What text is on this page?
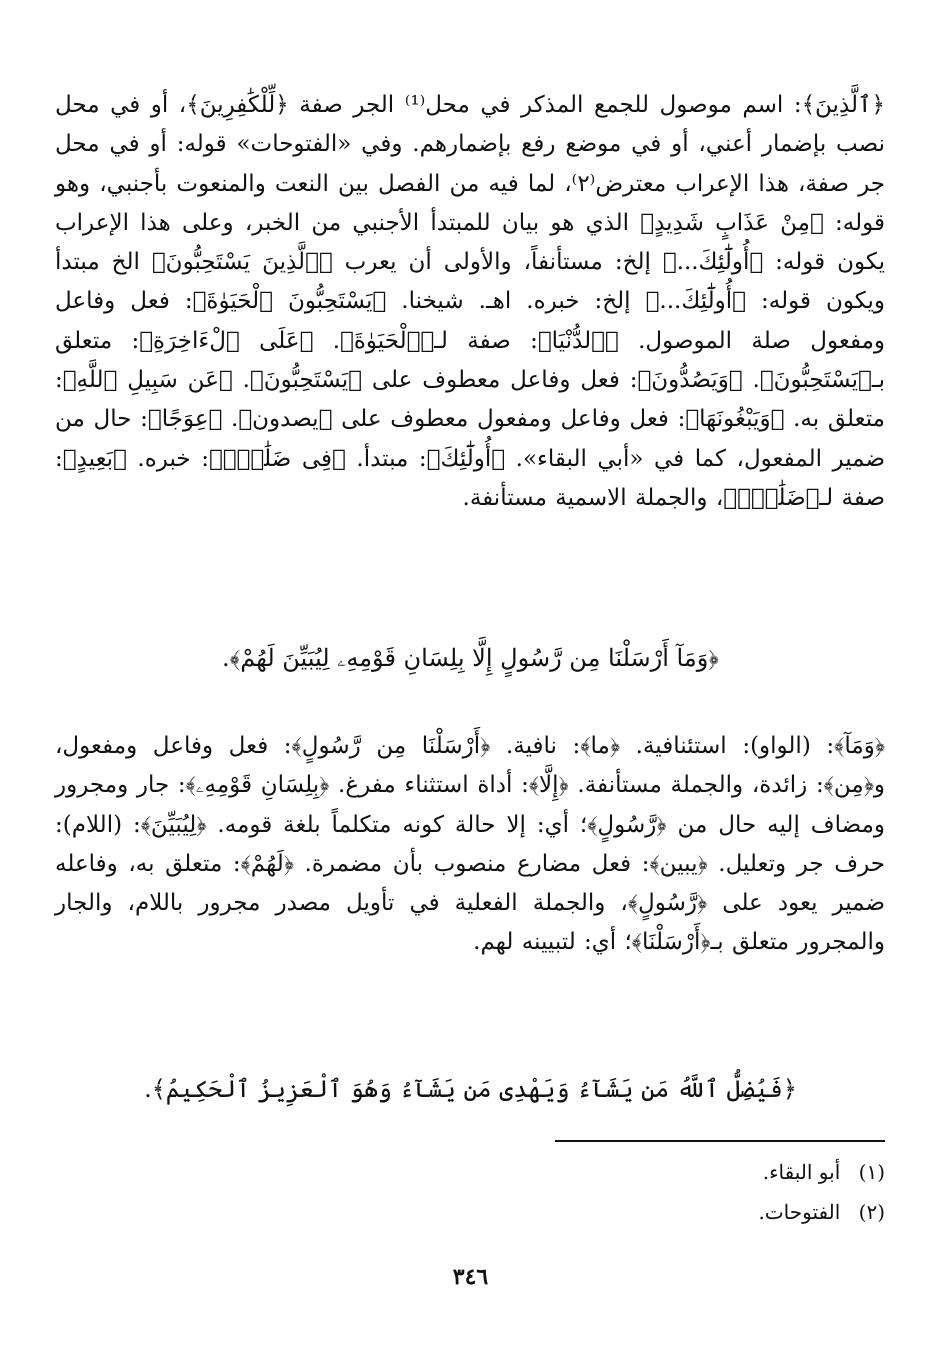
﴿ٱلَّذِينَ﴾: اسم موصول للجمع المذكر في محل⁽¹⁾ الجر صفة ﴿لِّلْكَٰفِرِينَ﴾، أو في محل نصب بإضمار أعني، أو في موضع رفع بإضمارهم. وفي «الفتوحات» قوله: أو في محل جر صفة، هذا الإعراب معترض⁽٢⁾، لما فيه من الفصل بين النعت والمنعوت بأجنبي، وهو قوله: ﴿مِنْ عَذَابٍ شَدِيدٍ﴾ الذي هو بيان للمبتدأ الأجنبي من الخبر، وعلى هذا الإعراب يكون قوله: ﴿أُولَٰٓئِكَ...﴾ إلخ: مستأنفاً، والأولى أن يعرب ﴿ٱلَّذِينَ يَسْتَحِبُّونَ﴾ الخ مبتدأ ويكون قوله: ﴿أُولَٰٓئِكَ...﴾ إلخ: خبره. اهـ. شيخنا. ﴿يَسْتَحِبُّونَ ٱلْحَيَوٰةَ﴾: فعل وفاعل ومفعول صلة الموصول. ﴿ٱلدُّنْيَا﴾: صفة لـ﴿ٱلْحَيَوٰةَ﴾. ﴿عَلَى ٱلْءَاخِرَةِ﴾: متعلق بـ﴿يَسْتَحِبُّونَ﴾. ﴿وَيَصُدُّونَ﴾: فعل وفاعل معطوف على ﴿يَسْتَحِبُّونَ﴾. ﴿عَن سَبِيلِ ٱللَّهِ﴾: متعلق به. ﴿وَيَبْغُونَهَا﴾: فعل وفاعل ومفعول معطوف على ﴿يصدون﴾. ﴿عِوَجًا﴾: حال من ضمير المفعول، كما في «أبي البقاء». ﴿أُولَٰٓئِكَ﴾: مبتدأ. ﴿فِى ضَلَٰلٍۭ﴾: خبره. ﴿بَعِيدٍ﴾: صفة لـ﴿ضَلَٰلٍۭ﴾، والجملة الاسمية مستأنفة.

﴿وَمَآ أَرْسَلْنَا مِن رَّسُولٍ إِلَّا بِلِسَانِ قَوْمِهِۦ لِيُبَيِّنَ لَهُمْ﴾.

﴿وَمَآ﴾: (الواو): استئنافية. ﴿ما﴾: نافية. ﴿أَرْسَلْنَا مِن رَّسُولٍ﴾: فعل وفاعل ومفعول، و﴿مِن﴾: زائدة، والجملة مستأنفة. ﴿إِلَّا﴾: أداة استثناء مفرغ. ﴿بِلِسَانِ قَوْمِهِۦ﴾: جار ومجرور ومضاف إليه حال من ﴿رَّسُولٍ﴾؛ أي: إلا حالة كونه متكلماً بلغة قومه. ﴿لِيُبَيِّنَ﴾: (اللام): حرف جر وتعليل. ﴿يبين﴾: فعل مضارع منصوب بأن مضمرة. ﴿لَهُمْ﴾: متعلق به، وفاعله ضمير يعود على ﴿رَّسُولٍ﴾، والجملة الفعلية في تأويل مصدر مجرور باللام، والجار والمجرور متعلق بـ﴿أَرْسَلْنَا﴾؛ أي: لتبيينه لهم.

﴿فَيُضِلُّ ٱللَّهُ مَن يَشَآءُ وَيَهْدِى مَن يَشَآءُ وَهُوَ ٱلْعَزِيزُ ٱلْحَكِيمُ﴾.

(١) أبو البقاء.
(٢) الفتوحات.
٣٤٦
